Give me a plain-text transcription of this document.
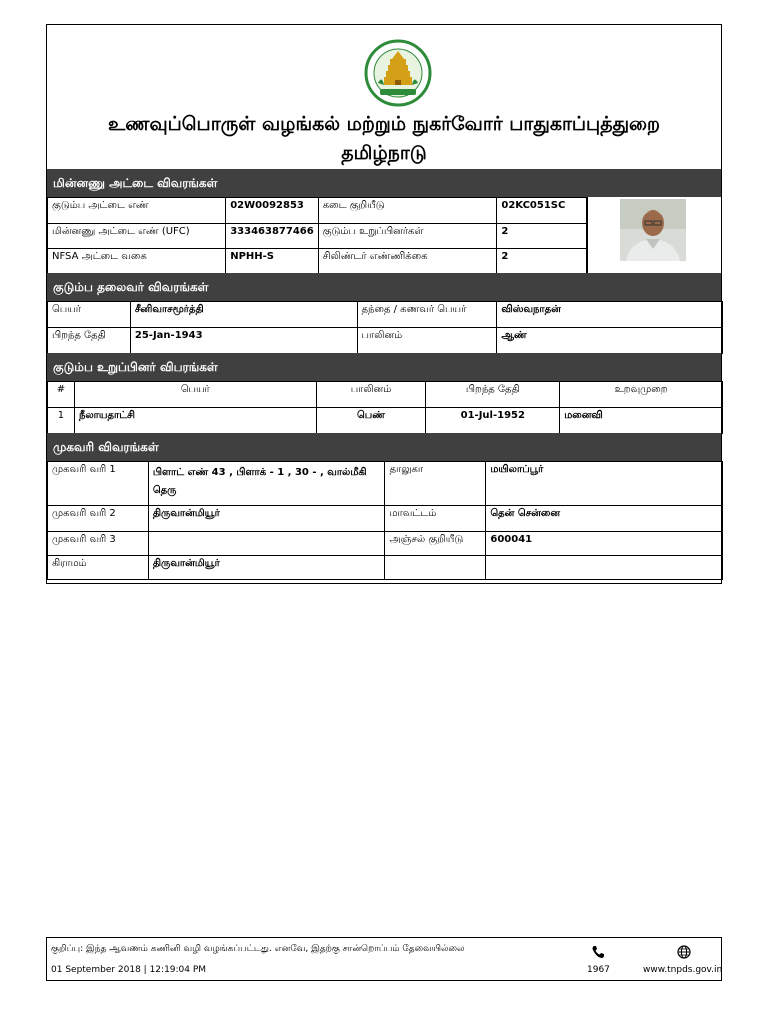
உணவுப்பொருள் வழங்கல் மற்றும் நுகர்வோர் பாதுகாப்புத்துறை
தமிழ்நாடு
மின்னணு அட்டை விவரங்கள்
குடும்ப அட்டை எண்	02W0092853	கடை குறியீடு	02KC051SC
மின்னணு அட்டை எண் (UFC)	333463877466	குடும்ப உறுப்பினர்கள்	2
NFSA அட்டை வகை	NPHH-S	சிலிண்டர் எண்ணிக்கை	2
குடும்ப தலைவர் விவரங்கள்
பெயர்	சீனிவாசமூர்த்தி	தந்தை / கணவர் பெயர்	விஸ்வநாதன்
பிறந்த தேதி	25-Jan-1943	பாலினம்	ஆண்
குடும்ப உறுப்பினர் விபரங்கள்
#	பெயர்	பாலினம்	பிறந்த தேதி	உறவுமுறை
1	நீலாயதாட்சி	பெண்	01-Jul-1952	மனைவி
முகவரி விவரங்கள்
முகவரி வரி 1	பிளாட் எண் 43 , பிளாக் - 1 , 30 - , வால்மீகி தெரு	தாலுகா	மயிலாப்பூர்
முகவரி வரி 2	திருவான்மியூர்	மாவட்டம்	தென் சென்னை
முகவரி வரி 3		அஞ்சல் குறியீடு	600041
கிராமம்	திருவான்மியூர்		
குறிப்பு: இந்த ஆவணம் கணினி வழி வழங்கப்பட்டது. எனவே, இதற்கு சான்றொப்பம் தேவையில்லை
01 September 2018 | 12:19:04 PM	1967	www.tnpds.gov.in
